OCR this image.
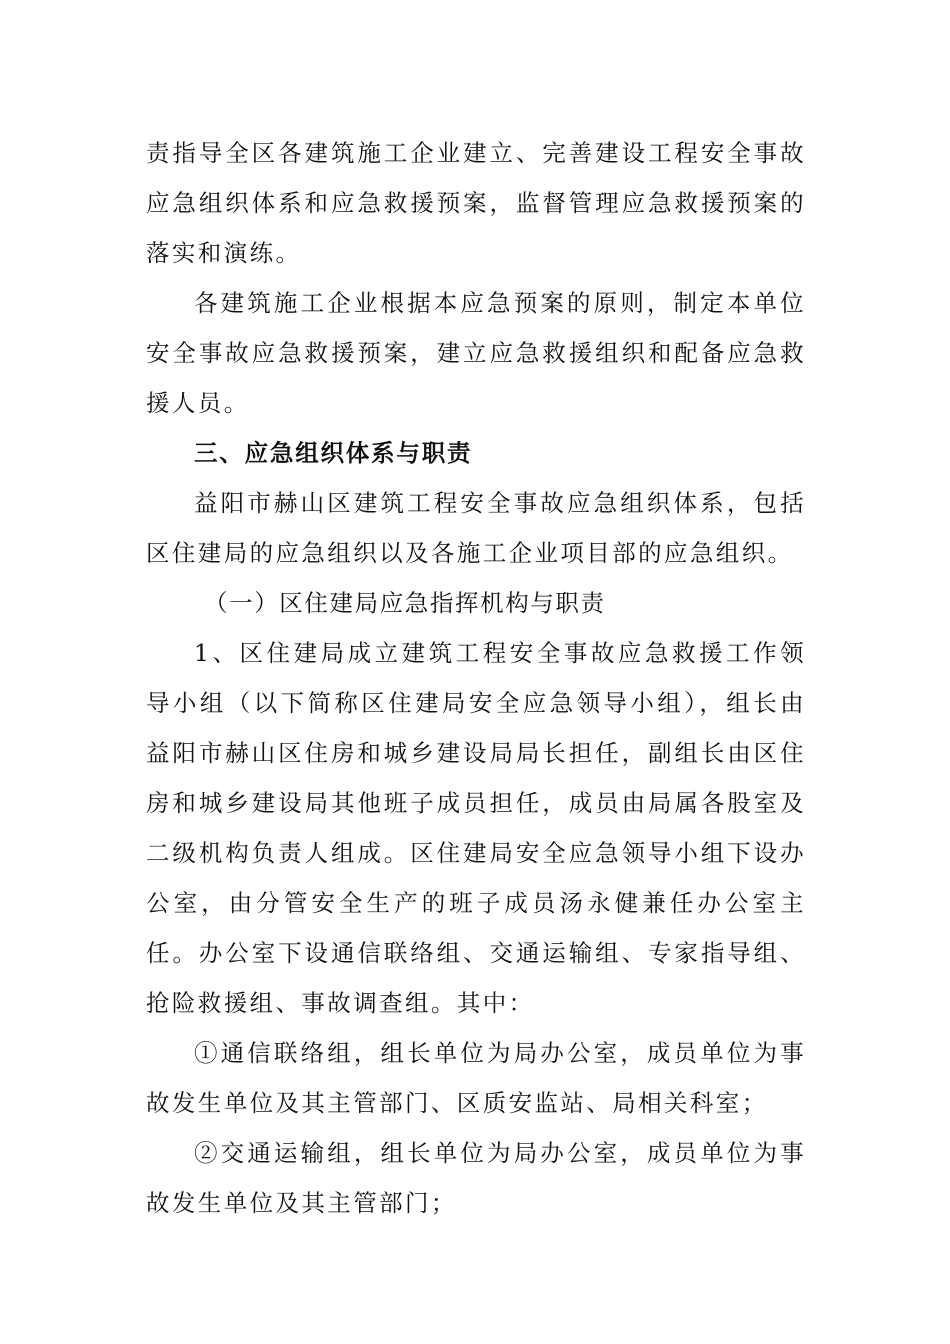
责指导全区各建筑施工企业建立、完善建设工程安全事故应急组织体系和应急救援预案，监督管理应急救援预案的落实和演练。

各建筑施工企业根据本应急预案的原则，制定本单位安全事故应急救援预案，建立应急救援组织和配备应急救援人员。

三、应急组织体系与职责

益阳市赫山区建筑工程安全事故应急组织体系，包括区住建局的应急组织以及各施工企业项目部的应急组织。

（一）区住建局应急指挥机构与职责

1、区住建局成立建筑工程安全事故应急救援工作领导小组（以下简称区住建局安全应急领导小组），组长由益阳市赫山区住房和城乡建设局局长担任，副组长由区住房和城乡建设局其他班子成员担任，成员由局属各股室及二级机构负责人组成。区住建局安全应急领导小组下设办公室，由分管安全生产的班子成员汤永健兼任办公室主任。办公室下设通信联络组、交通运输组、专家指导组、抢险救援组、事故调查组。其中：

①通信联络组，组长单位为局办公室，成员单位为事故发生单位及其主管部门、区质安监站、局相关科室；

②交通运输组，组长单位为局办公室，成员单位为事故发生单位及其主管部门；
